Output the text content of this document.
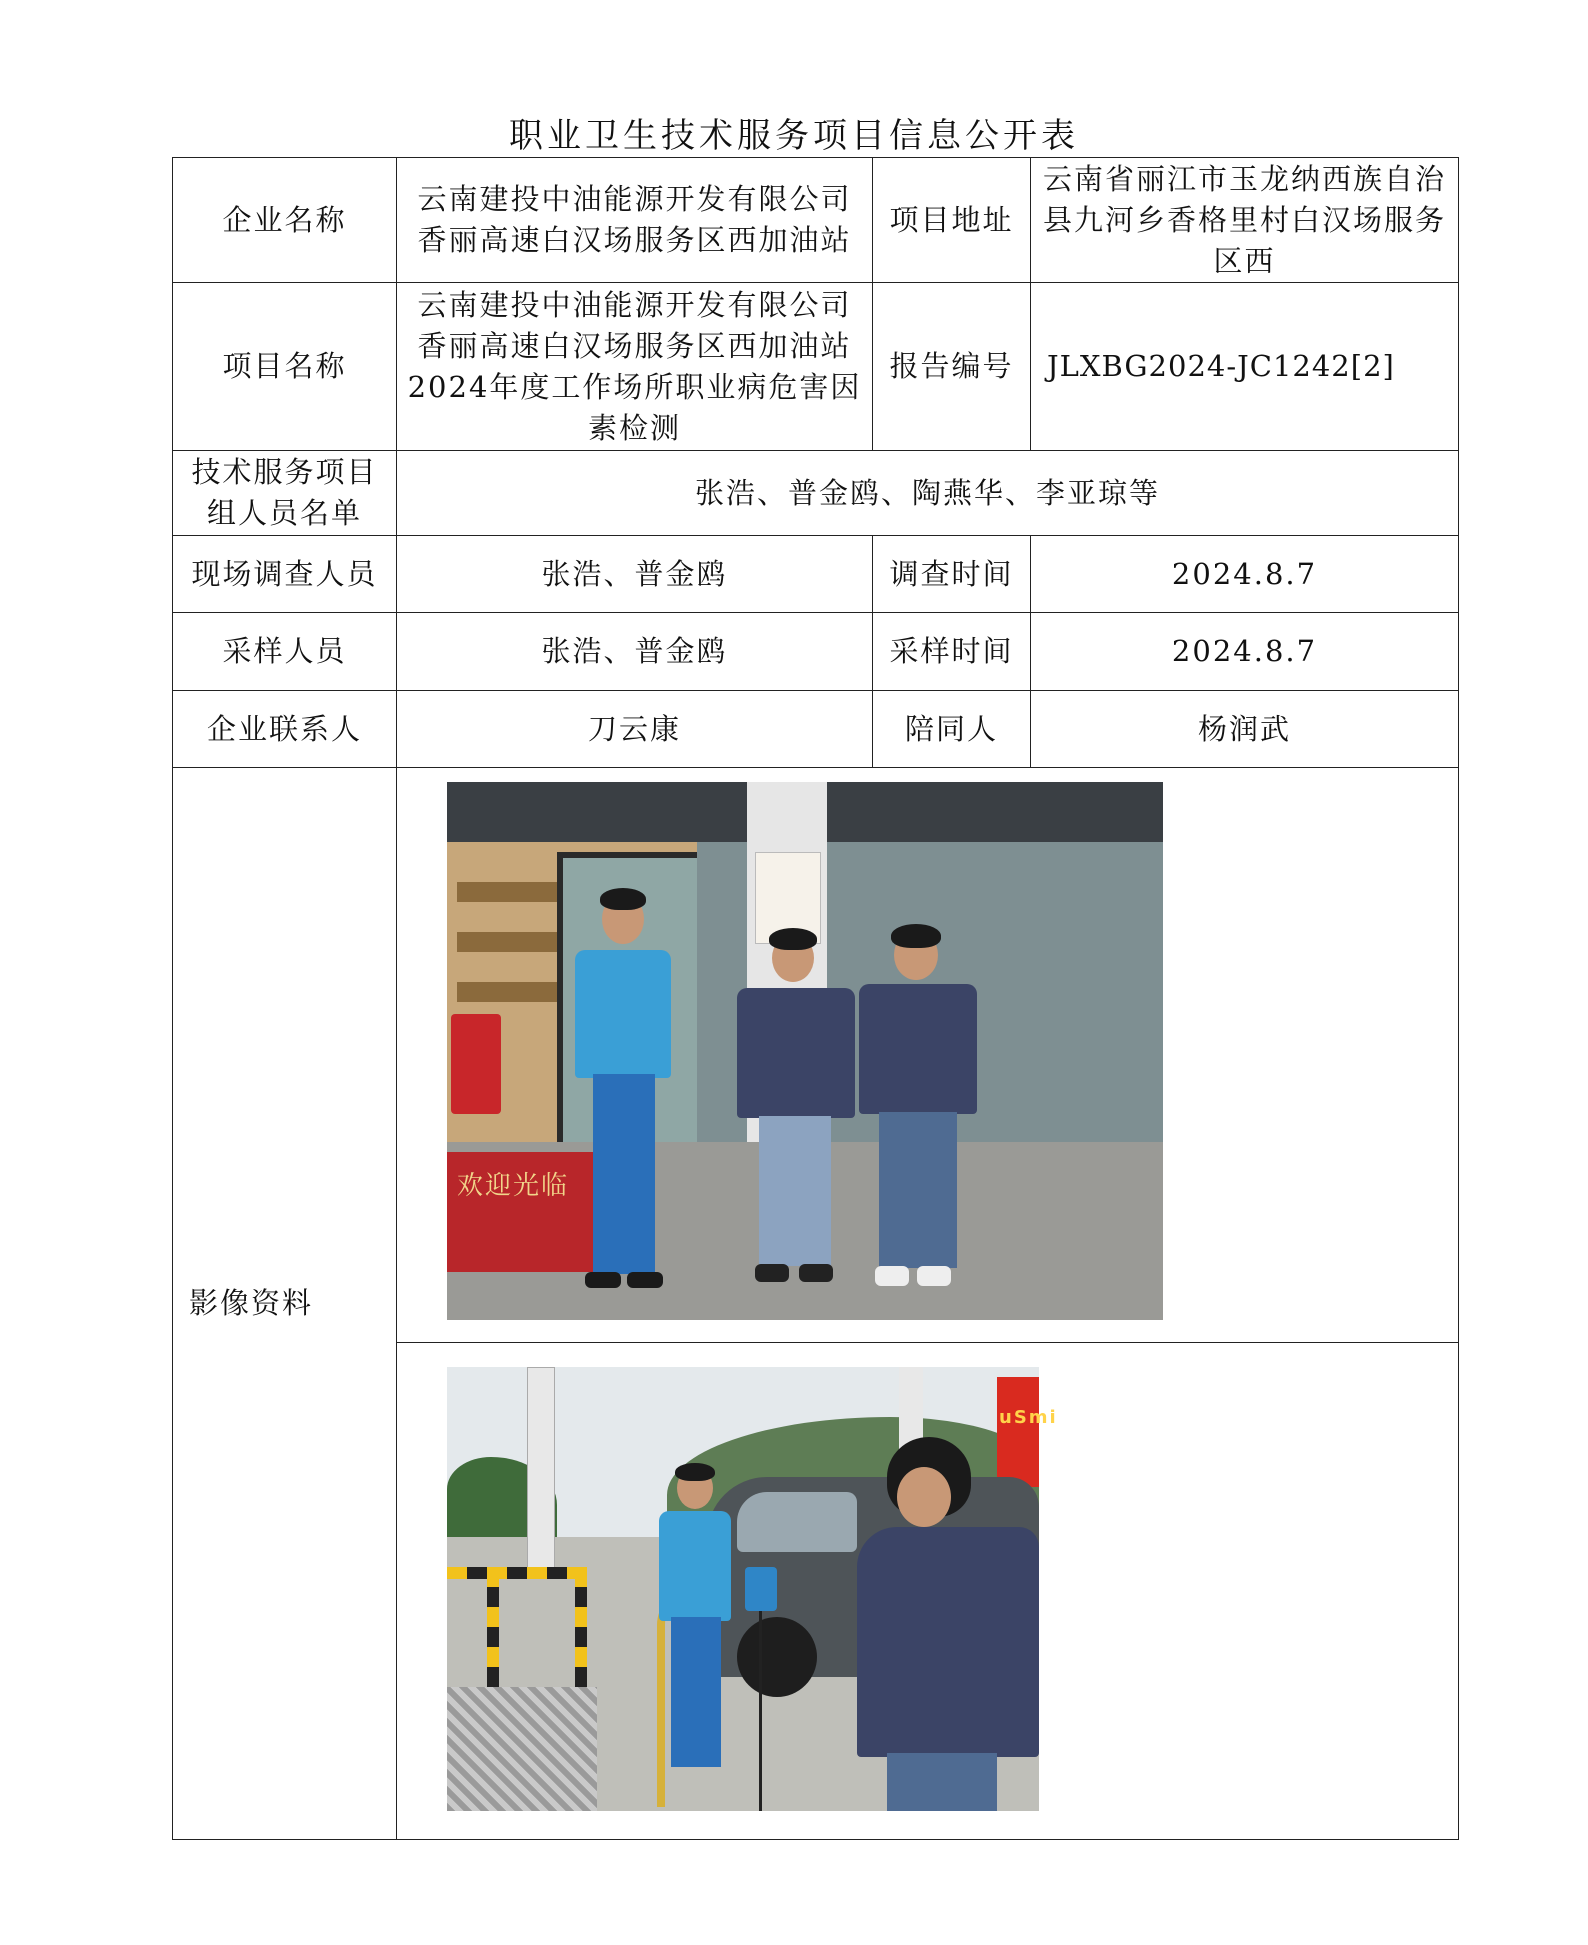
职业卫生技术服务项目信息公开表
企业名称	云南建投中油能源开发有限公司香丽高速白汉场服务区西加油站	项目地址	云南省丽江市玉龙纳西族自治县九河乡香格里村白汉场服务区西
项目名称	云南建投中油能源开发有限公司香丽高速白汉场服务区西加油站2024年度工作场所职业病危害因素检测	报告编号	JLXBG2024-JC1242[2]
技术服务项目组人员名单	张浩、普金鸥、陶燕华、李亚琼等		
现场调查人员	张浩、普金鸥	调查时间	2024.8.7
采样人员	张浩、普金鸥	采样时间	2024.8.7
企业联系人	刀云康	陪同人	杨润武
影像资料	欢迎光临		

	uSmi		
